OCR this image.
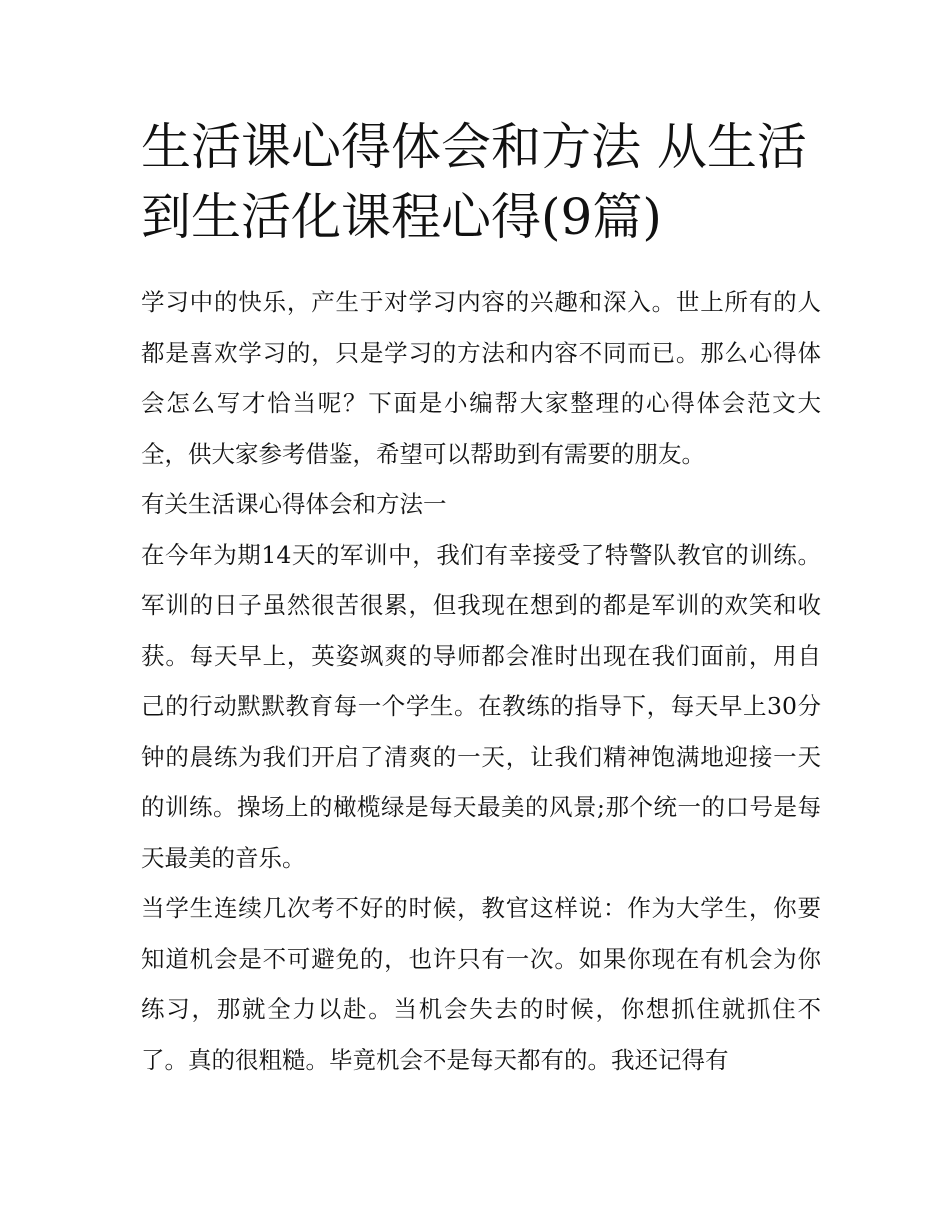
生活课心得体会和方法 从生活到生活化课程心得(9篇)

学习中的快乐，产生于对学习内容的兴趣和深入。世上所有的人都是喜欢学习的，只是学习的方法和内容不同而已。那么心得体会怎么写才恰当呢？下面是小编帮大家整理的心得体会范文大全，供大家参考借鉴，希望可以帮助到有需要的朋友。

有关生活课心得体会和方法一

在今年为期14天的军训中，我们有幸接受了特警队教官的训练。军训的日子虽然很苦很累，但我现在想到的都是军训的欢笑和收获。每天早上，英姿飒爽的导师都会准时出现在我们面前，用自己的行动默默教育每一个学生。在教练的指导下，每天早上30分钟的晨练为我们开启了清爽的一天，让我们精神饱满地迎接一天的训练。操场上的橄榄绿是每天最美的风景;那个统一的口号是每天最美的音乐。

当学生连续几次考不好的时候，教官这样说：作为大学生，你要知道机会是不可避免的，也许只有一次。如果你现在有机会为你练习，那就全力以赴。当机会失去的时候，你想抓住就抓住不了。真的很粗糙。毕竟机会不是每天都有的。我还记得有
